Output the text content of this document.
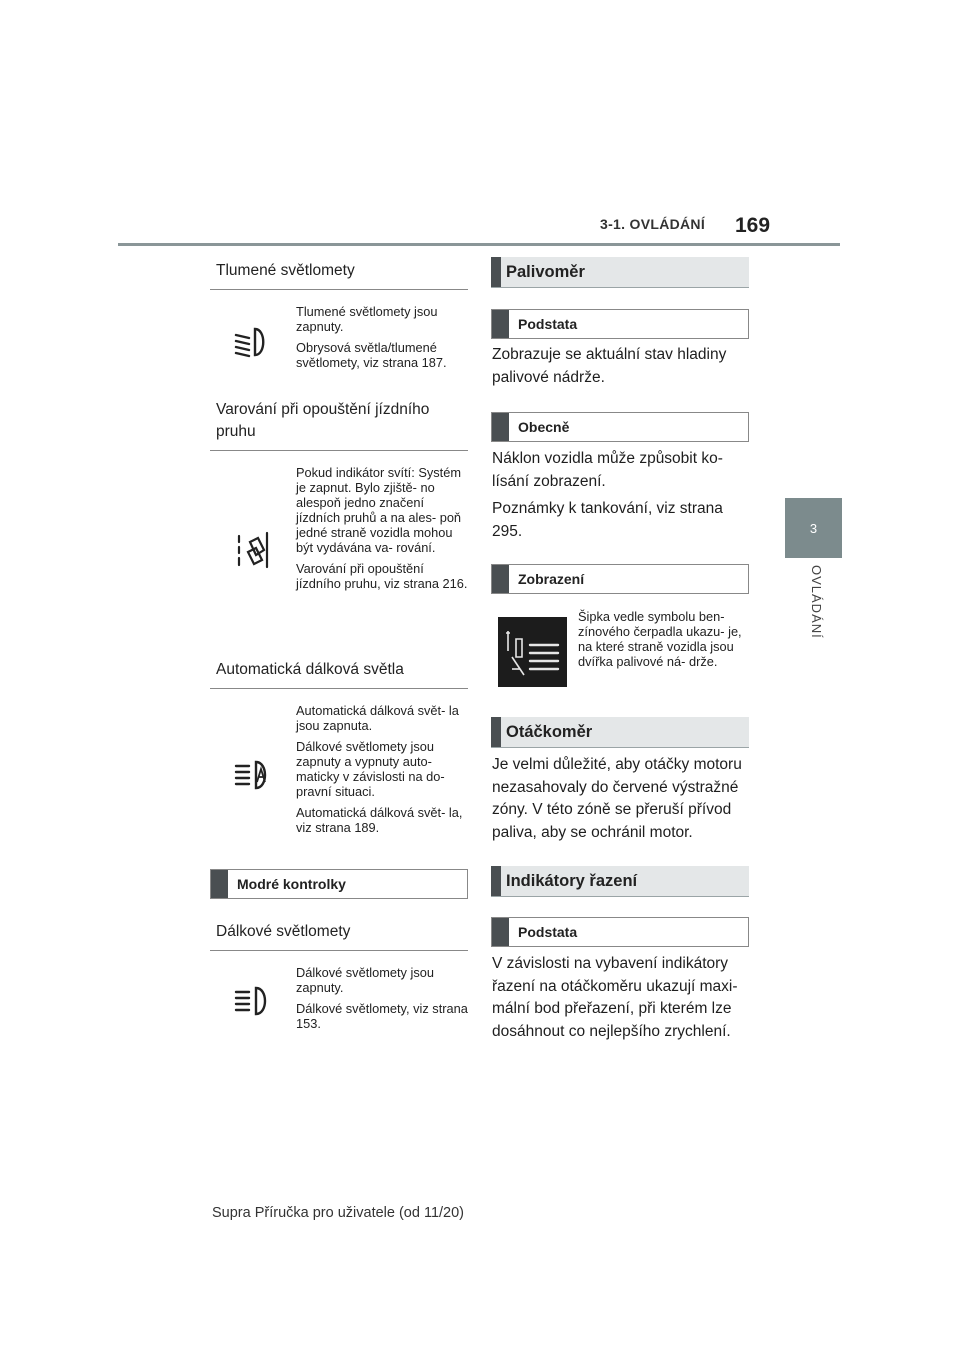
3-1. OVLÁDÁNÍ 169
3
OVLÁDÁNÍ
Tlumené světlomety

Tlumené světlomety jsou zapnuty.

Obrysová světla/tlumené světlomety, viz strana 187.

Varování při opouštění jízdního pruhu

Pokud indikátor svítí: Systém je zapnut. Bylo zjiště- no alespoň jedno značení jízdních pruhů a na ales- poň jedné straně vozidla mohou být vydávána va- rování.

Varování při opouštění jízdního pruhu, viz strana 216.

Automatická dálková světla

Automatická dálková svět- la jsou zapnuta.

Dálkové světlomety jsou zapnuty a vypnuty auto- maticky v závislosti na do- pravní situaci.

Automatická dálková svět- la, viz strana 189.

Modré kontrolky
Dálkové světlomety

Dálkové světlomety jsou zapnuty.

Dálkové světlomety, viz strana 153.

Palivoměr
Podstata

Zobrazuje se aktuální stav hladiny palivové nádrže.

Obecně

Náklon vozidla může způsobit ko- lísání zobrazení.

Poznámky k tankování, viz strana 295.

Zobrazení

Šipka vedle symbolu ben- zínového čerpadla ukazu- je, na které straně vozidla jsou dvířka palivové ná- drže.

Otáčkoměr

Je velmi důležité, aby otáčky motoru nezasahovaly do červené výstražné zóny. V této zóně se přeruší přívod paliva, aby se ochránil motor.

Indikátory řazení
Podstata

V závislosti na vybavení indikátory řazení na otáčkoměru ukazují maxi- mální bod přeřazení, při kterém lze dosáhnout co nejlepšího zrychlení.

Supra Příručka pro uživatele (od 11/20)
